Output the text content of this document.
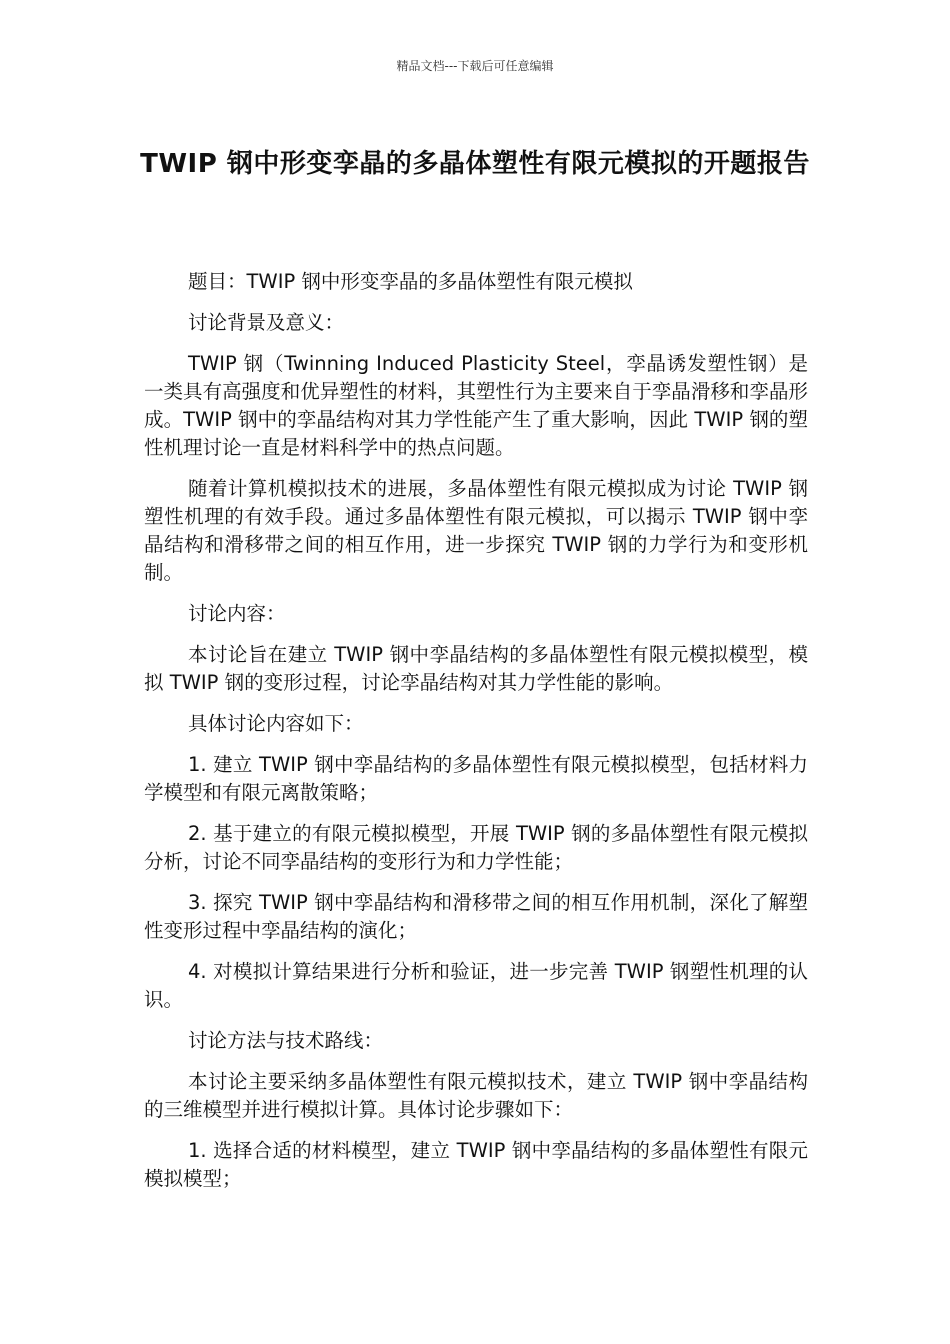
精品文档---下载后可任意编辑
TWIP 钢中形变孪晶的多晶体塑性有限元模拟的开题报告

题目：TWIP 钢中形变孪晶的多晶体塑性有限元模拟

讨论背景及意义：

TWIP 钢（Twinning Induced Plasticity Steel，孪晶诱发塑性钢）是一类具有高强度和优异塑性的材料，其塑性行为主要来自于孪晶滑移和孪晶形成。TWIP 钢中的孪晶结构对其力学性能产生了重大影响，因此 TWIP 钢的塑性机理讨论一直是材料科学中的热点问题。

随着计算机模拟技术的进展，多晶体塑性有限元模拟成为讨论 TWIP 钢塑性机理的有效手段。通过多晶体塑性有限元模拟，可以揭示 TWIP 钢中孪晶结构和滑移带之间的相互作用，进一步探究 TWIP 钢的力学行为和变形机制。

讨论内容：

本讨论旨在建立 TWIP 钢中孪晶结构的多晶体塑性有限元模拟模型，模拟 TWIP 钢的变形过程，讨论孪晶结构对其力学性能的影响。

具体讨论内容如下：

1. 建立 TWIP 钢中孪晶结构的多晶体塑性有限元模拟模型，包括材料力学模型和有限元离散策略；

2. 基于建立的有限元模拟模型，开展 TWIP 钢的多晶体塑性有限元模拟分析，讨论不同孪晶结构的变形行为和力学性能；

3. 探究 TWIP 钢中孪晶结构和滑移带之间的相互作用机制，深化了解塑性变形过程中孪晶结构的演化；

4. 对模拟计算结果进行分析和验证，进一步完善 TWIP 钢塑性机理的认识。

讨论方法与技术路线：

本讨论主要采纳多晶体塑性有限元模拟技术，建立 TWIP 钢中孪晶结构的三维模型并进行模拟计算。具体讨论步骤如下：

1. 选择合适的材料模型，建立 TWIP 钢中孪晶结构的多晶体塑性有限元模拟模型；
